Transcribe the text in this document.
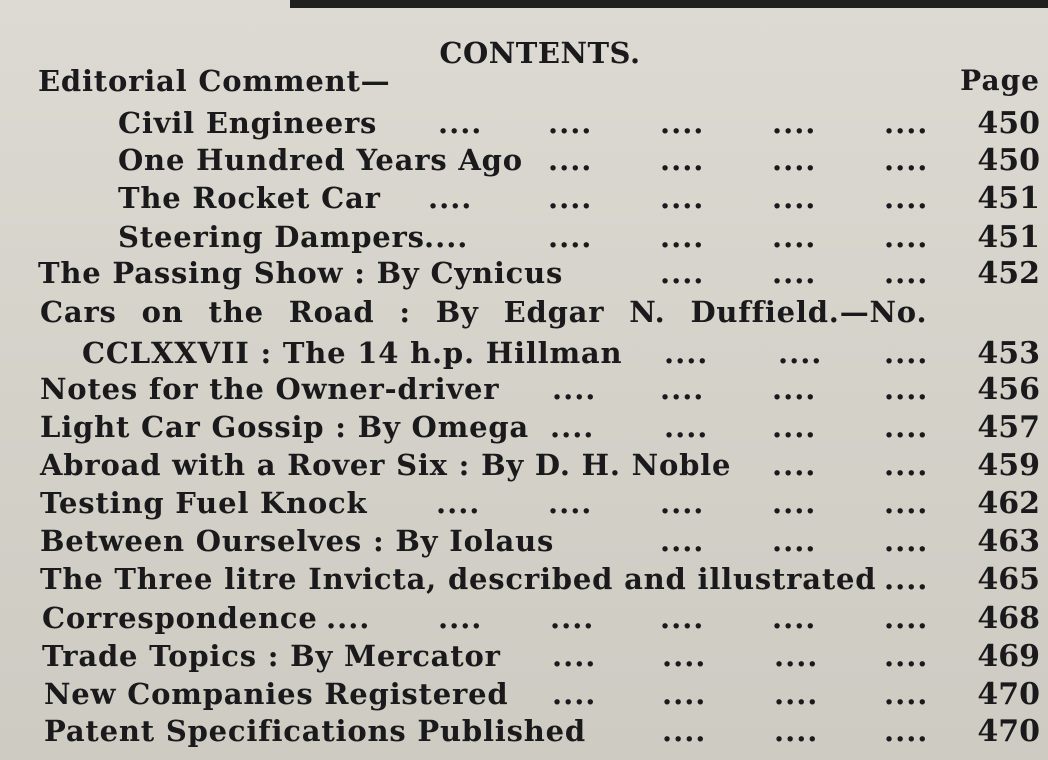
CONTENTS.
Editorial Comment—	Page
Civil Engineers .... .... .... .... .... 450
One Hundred Years Ago .... .... .... .... 450
The Rocket Car ....	.... .... .... .... 451
Steering Dampers ....	.... .... .... .... 451
The Passing Show : By Cynicus	.... .... .... 452
Cars on the Road : By Edgar N. Duffield.—No.
CCLXXVII : The 14 h.p. Hillman .... .... .... 453
Notes for the Owner-driver .... .... .... .... 456
Light Car Gossip : By Omega .... .... .... .... 457
Abroad with a Rover Six : By D. H. Noble .... .... 459
Testing Fuel Knock .... .... .... .... .... 462
Between Ourselves : By Iolaus	.... .... .... 463
The Three litre Invicta, described and illustrated .... 465
Correspondence .... .... .... .... .... .... 468
Trade Topics : By Mercator .... .... .... .... 469
New Companies Registered .... .... .... .... 470
Patent Specifications Published	.... .... .... 470
